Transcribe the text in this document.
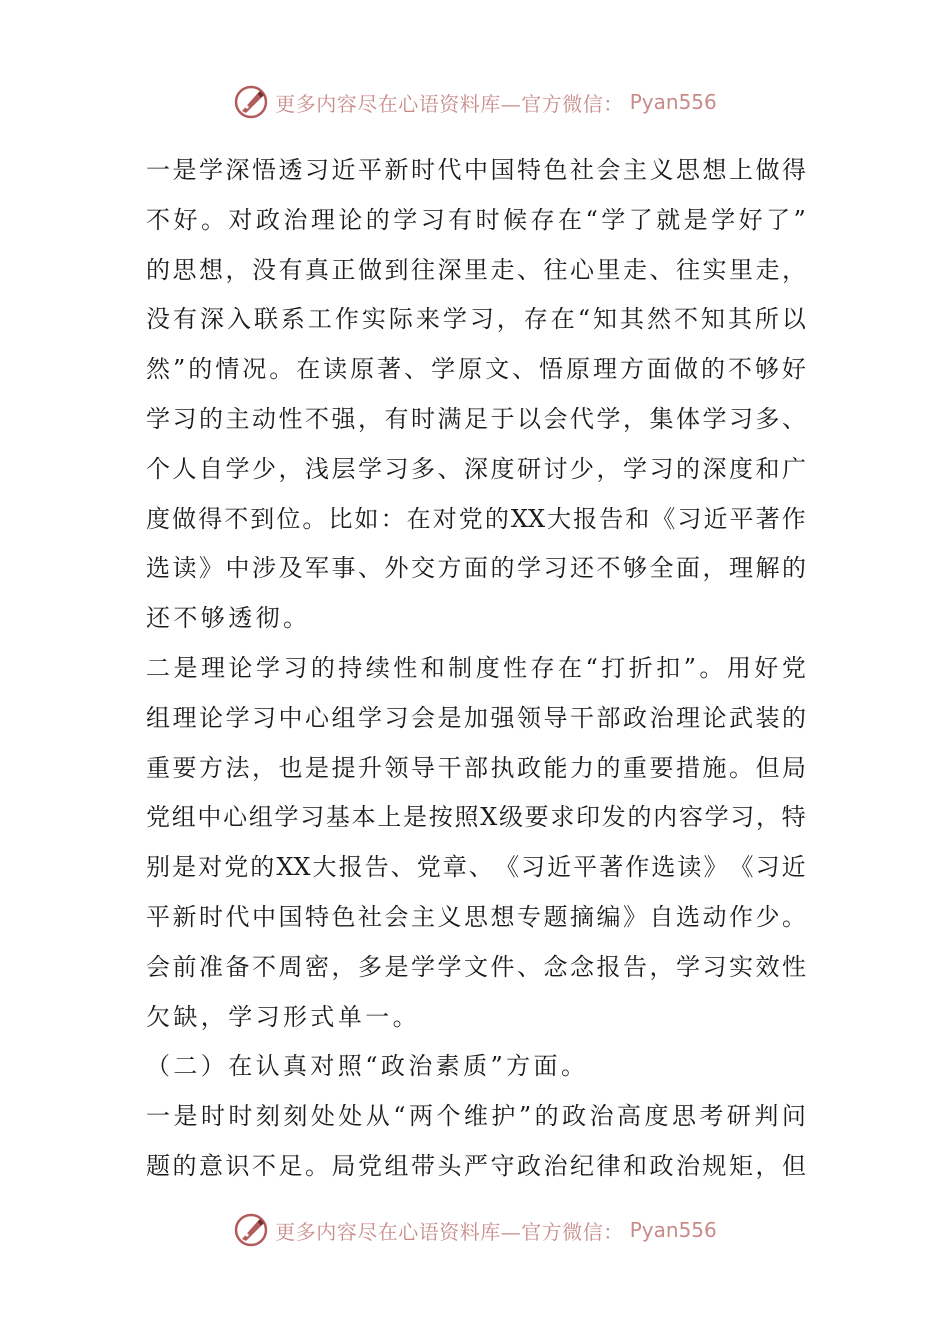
更多内容尽在心语资料库—官方微信： Pyan556
一 是 学 深 悟 透 习 近 平 新 时 代 中 国 特 色 社 会 主 义 思 想 上 做 得
不 好 。 对 政 治 理 论 的 学 习 有 时 候 存 在 “ 学 了 就 是 学 好 了 ”
的 思 想 ， 没 有 真 正 做 到 往 深 里 走 、 往 心 里 走 、 往 实 里 走 ，
没 有 深 入 联 系 工 作 实 际 来 学 习 ， 存 在 “ 知 其 然 不 知 其 所 以
然 ” 的 情 况 。 在 读 原 著 、 学 原 文 、 悟 原 理 方 面 做 的 不 够 好
学 习 的 主 动 性 不 强 ， 有 时 满 足 于 以 会 代 学 ， 集 体 学 习 多 、
个 人 自 学 少 ， 浅 层 学 习 多 、 深 度 研 讨 少 ， 学 习 的 深 度 和 广
度 做 得 不 到 位 。 比 如 ： 在 对 党 的 XX 大 报 告 和 《 习 近 平 著 作
选 读 》 中 涉 及 军 事 、 外 交 方 面 的 学 习 还 不 够 全 面 ， 理 解 的
还不够透彻。
二 是 理 论 学 习 的 持 续 性 和 制 度 性 存 在 “ 打 折 扣 ” 。 用 好 党
组 理 论 学 习 中 心 组 学 习 会 是 加 强 领 导 干 部 政 治 理 论 武 装 的
重 要 方 法 ， 也 是 提 升 领 导 干 部 执 政 能 力 的 重 要 措 施 。 但 局
党 组 中 心 组 学 习 基 本 上 是 按 照 X 级 要 求 印 发 的 内 容 学 习 ， 特
别 是 对 党 的 XX 大 报 告 、 党 章 、 《 习 近 平 著 作 选 读 》 《 习 近
平 新 时 代 中 国 特 色 社 会 主 义 思 想 专 题 摘 编 》 自 选 动 作 少 。
会 前 准 备 不 周 密 ， 多 是 学 学 文 件 、 念 念 报 告 ， 学 习 实 效 性
欠缺，学习形式单一。
（二）在认真对照“政治素质”方面。
一 是 时 时 刻 刻 处 处 从 “ 两 个 维 护 ” 的 政 治 高 度 思 考 研 判 问
题 的 意 识 不 足 。 局 党 组 带 头 严 守 政 治 纪 律 和 政 治 规 矩 ， 但
更多内容尽在心语资料库—官方微信： Pyan556
